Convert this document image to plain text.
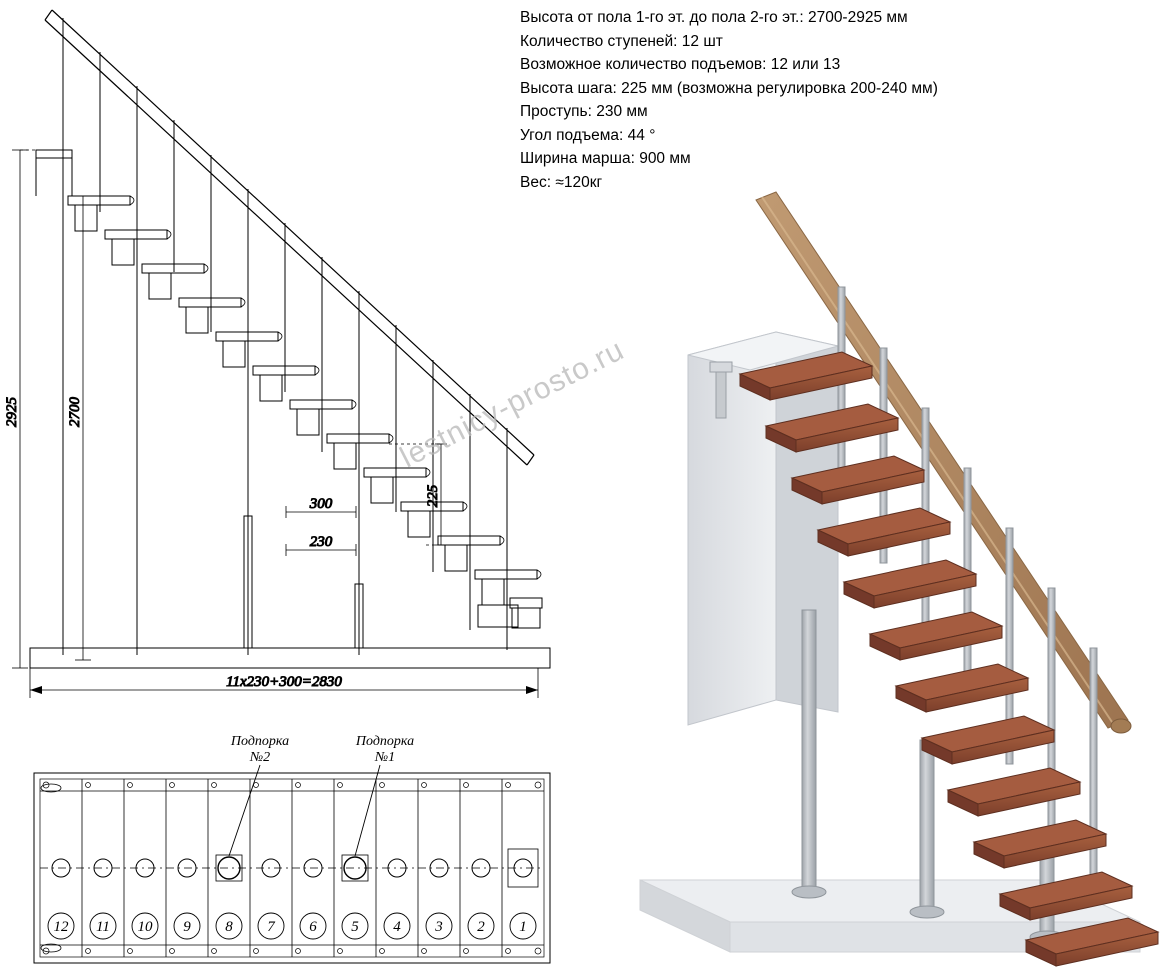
Высота от пола 1-го эт. до пола 2-го эт.: 2700-2925 мм
Количество ступеней: 12 шт
Возможное количество подъемов: 12 или 13
Высота шага: 225 мм (возможна регулировка 200-240 мм)
Проступь: 230 мм
Угол подъема: 44 °
Ширина марша: 900 мм
Вес: ≈120кг
2925	2700
225
300
230
11x230+300=2830
12 11 10 9 8 7 6 5 4 3 2 1
Подпорка
№2
Подпорка
№1
lestnicy-prosto.ru
